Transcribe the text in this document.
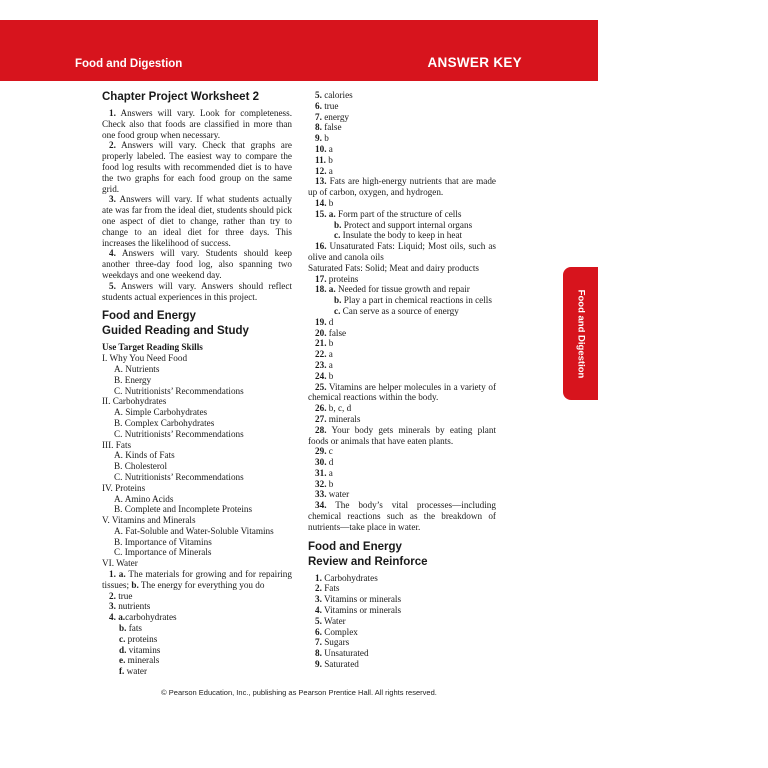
Food and Digestion	ANSWER KEY
Food and Digestion
Chapter Project Worksheet 2
1. Answers will vary. Look for completeness. Check also that foods are classified in more than one food group when necessary.
2. Answers will vary. Check that graphs are properly labeled. The easiest way to compare the food log results with recommended diet is to have the two graphs for each food group on the same grid.
3. Answers will vary. If what students actually ate was far from the ideal diet, students should pick one aspect of diet to change, rather than try to change to an ideal diet for three days. This increases the likelihood of success.
4. Answers will vary. Students should keep another three-day food log, also spanning two weekdays and one weekend day.
5. Answers will vary. Answers should reflect students actual experiences in this project.
Food and Energy
Guided Reading and Study
Use Target Reading Skills
I. Why You Need Food
A. Nutrients
B. Energy
C. Nutritionists’ Recommendations
II. Carbohydrates
A. Simple Carbohydrates
B. Complex Carbohydrates
C. Nutritionists’ Recommendations
III. Fats
A. Kinds of Fats
B. Cholesterol
C. Nutritionists’ Recommendations
IV. Proteins
A. Amino Acids
B. Complete and Incomplete Proteins
V. Vitamins and Minerals
A. Fat-Soluble and Water-Soluble Vitamins
B. Importance of Vitamins
C. Importance of Minerals
VI. Water
1. a. The materials for growing and for repairing tissues; b. The energy for everything you do
2. true
3. nutrients
4. a.carbohydrates
b. fats
c. proteins
d. vitamins
e. minerals
f. water
5. calories
6. true
7. energy
8. false
9. b
10. a
11. b
12. a
13. Fats are high-energy nutrients that are made up of carbon, oxygen, and hydrogen.
14. b
15. a. Form part of the structure of cells
b. Protect and support internal organs
c. Insulate the body to keep in heat
16. Unsaturated Fats: Liquid; Most oils, such as olive and canola oils
Saturated Fats: Solid; Meat and dairy products
17. proteins
18. a. Needed for tissue growth and repair
b. Play a part in chemical reactions in cells
c. Can serve as a source of energy
19. d
20. false
21. b
22. a
23. a
24. b
25. Vitamins are helper molecules in a variety of chemical reactions within the body.
26. b, c, d
27. minerals
28. Your body gets minerals by eating plant foods or animals that have eaten plants.
29. c
30. d
31. a
32. b
33. water
34. The body’s vital processes—including chemical reactions such as the breakdown of nutrients—take place in water.
Food and Energy
Review and Reinforce
1. Carbohydrates
2. Fats
3. Vitamins or minerals
4. Vitamins or minerals
5. Water
6. Complex
7. Sugars
8. Unsaturated
9. Saturated
© Pearson Education, Inc., publishing as Pearson Prentice Hall. All rights reserved.
